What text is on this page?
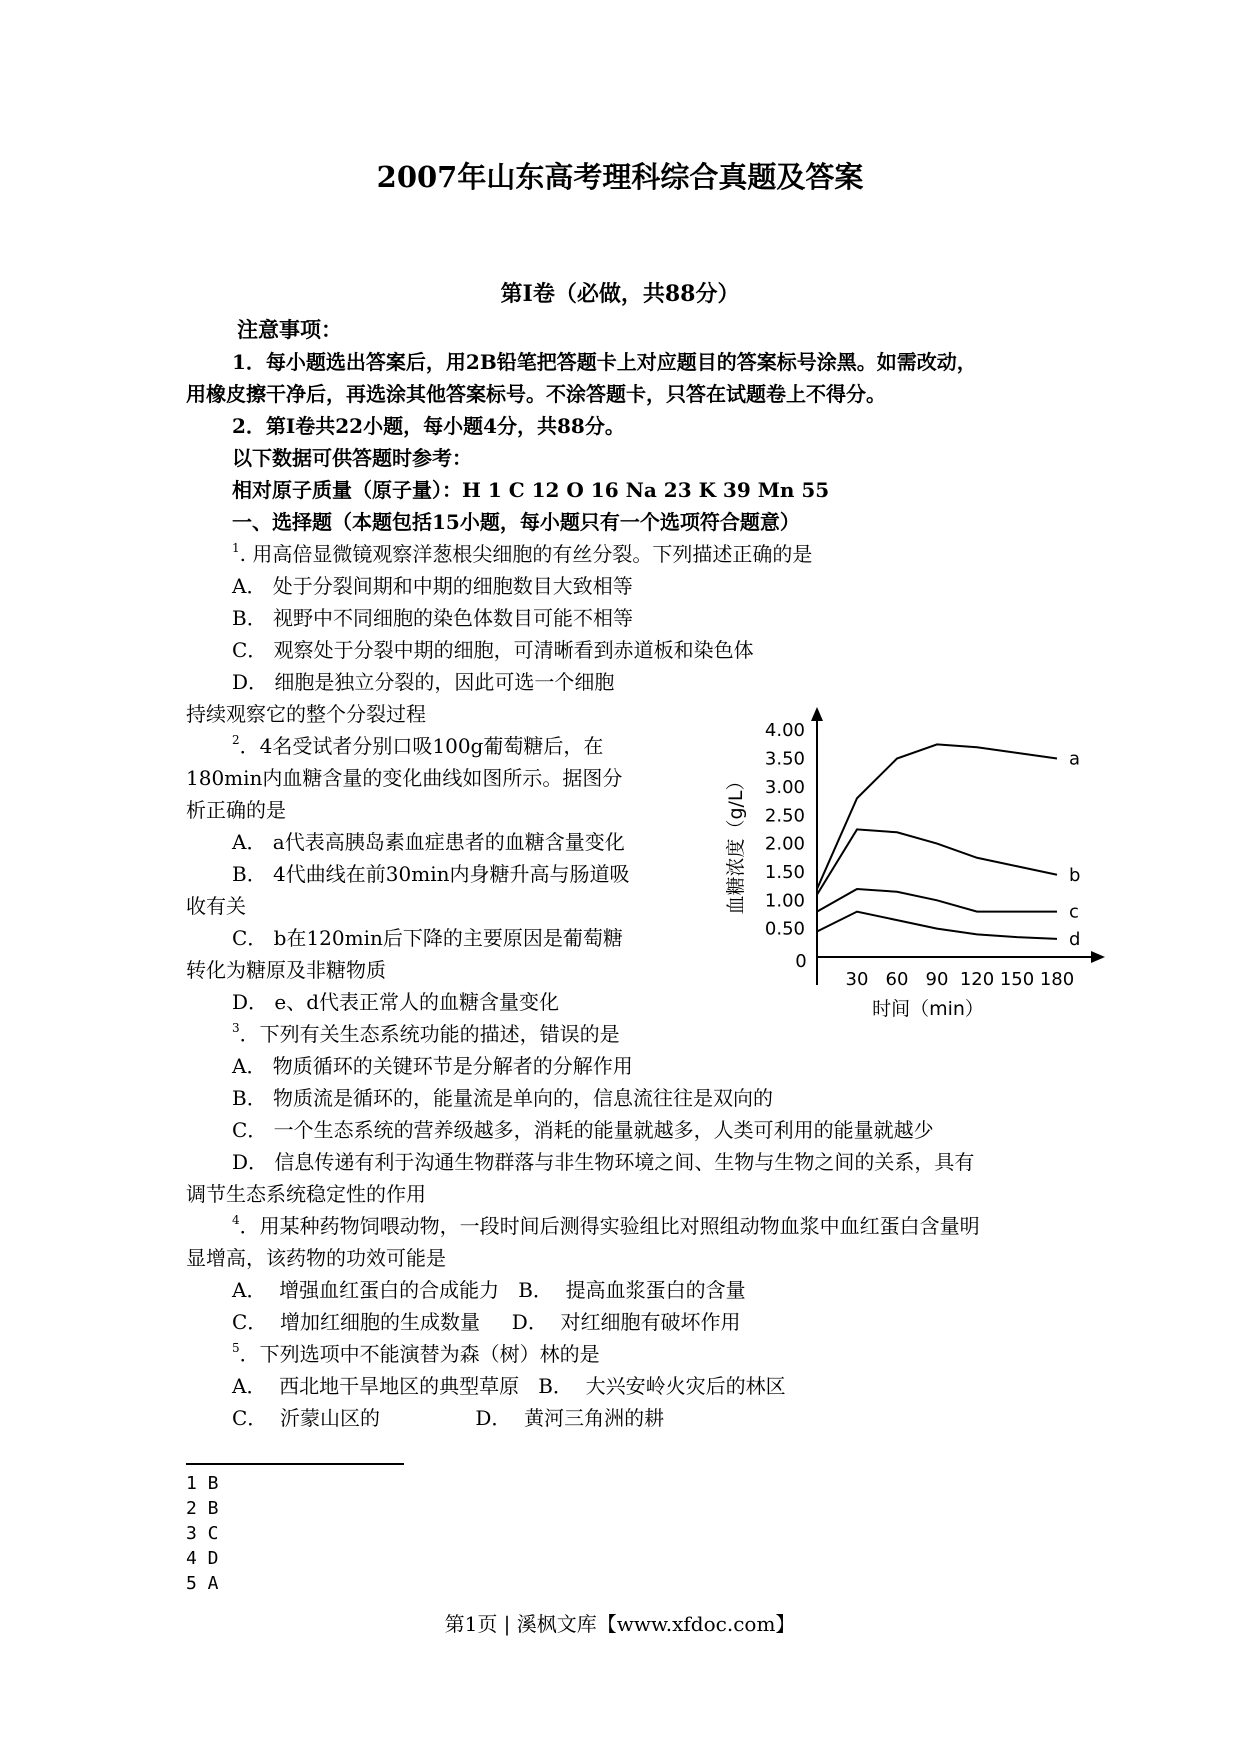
2007年山东高考理科综合真题及答案
第Ⅰ卷（必做，共88分）
注意事项：
1．每小题选出答案后，用2B铅笔把答题卡上对应题目的答案标号涂黑。如需改动，
用橡皮擦干净后，再选涂其他答案标号。不涂答题卡，只答在试题卷上不得分。
2．第Ⅰ卷共22小题，每小题4分，共88分。
以下数据可供答题时参考：
相对原子质量（原子量）：H 1 C 12 O 16 Na 23 K 39 Mn 55
一、选择题（本题包括15小题，每小题只有一个选项符合题意）
$^1$. 用高倍显微镜观察洋葱根尖细胞的有丝分裂。下列描述正确的是
A． 处于分裂间期和中期的细胞数目大致相等
B． 视野中不同细胞的染色体数目可能不相等
C． 观察处于分裂中期的细胞，可清晰看到赤道板和染色体
D． 细胞是独立分裂的，因此可选一个细胞
持续观察它的整个分裂过程
$^2$．4名受试者分别口吸100g葡萄糖后，在
180min内血糖含量的变化曲线如图所示。据图分
析正确的是
A． a代表高胰岛素血症患者的血糖含量变化
B． 4代曲线在前30min内身糖升高与肠道吸
收有关
C． b在120min后下降的主要原因是葡萄糖
转化为糖原及非糖物质
D． e、d代表正常人的血糖含量变化
0.50
1.00
1.50
2.00
2.50
3.00
3.50
4.00
0
30 60 90 120 150 180
a
b
c
d
血糖浓度（g/L）
时间（min）
$^3$．下列有关生态系统功能的描述，错误的是
A． 物质循环的关键环节是分解者的分解作用
B． 物质流是循环的，能量流是单向的，信息流往往是双向的
C． 一个生态系统的营养级越多，消耗的能量就越多，人类可利用的能量就越少
D． 信息传递有利于沟通生物群落与非生物环境之间、生物与生物之间的关系，具有
调节生态系统稳定性的作用
$^4$．用某种药物饲喂动物，一段时间后测得实验组比对照组动物血浆中血红蛋白含量明
显增高，该药物的功效可能是
A．  增强血红蛋白的合成能力   B．  提高血浆蛋白的含量
C．  增加红细胞的生成数量     D．  对红细胞有破坏作用
$^5$．下列选项中不能演替为森（树）林的是
A．  西北地干旱地区的典型草原   B．  大兴安岭火灾后的林区
C．  沂蒙山区的               D．  黄河三角洲的耕
1 B
2 B
3 C
4 D
5 A
第1页 | 溪枫文库【www.xfdoc.com】
